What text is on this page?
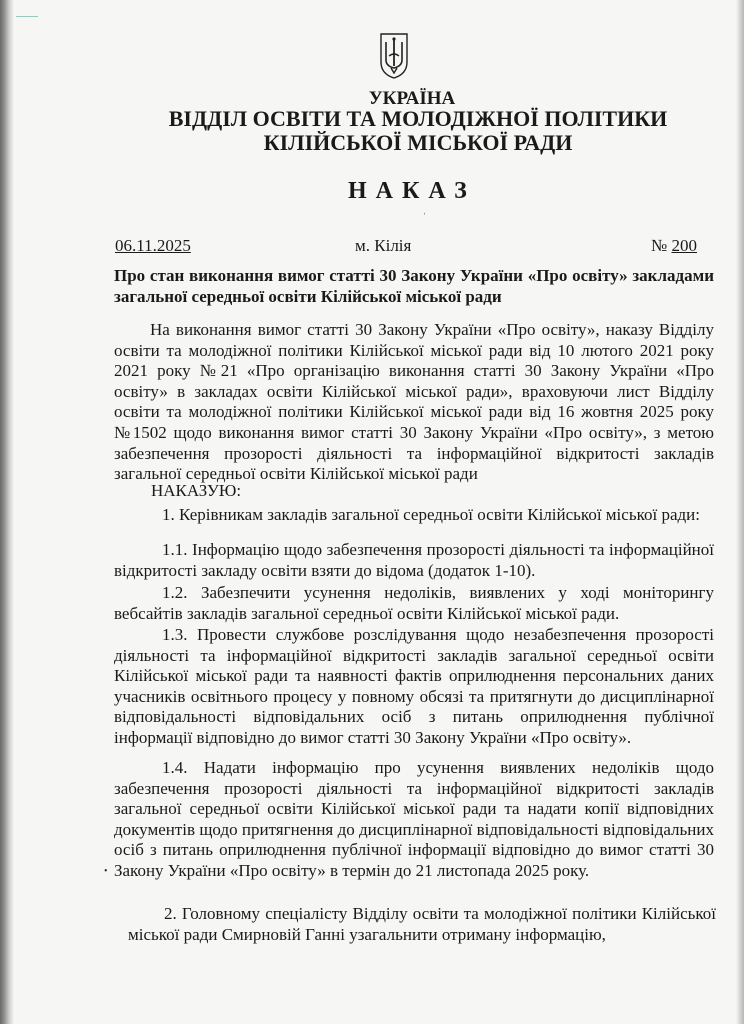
УКРАЇНА
ВІДДІЛ ОСВІТИ ТА МОЛОДІЖНОЇ ПОЛІТИКИ
КІЛІЙСЬКОЇ МІСЬКОЇ РАДИ
НАКАЗ
ˈ
06.11.2025	м. Кілія	№ 200
Про стан виконання вимог статті 30 Закону України «Про освіту» закладами загальної середньої освіти Кілійської міської ради
На виконання вимог статті 30 Закону України «Про освіту», наказу Відділу освіти та молодіжної політики Кілійської міської ради від 10 лютого 2021 року 2021 року №21 «Про організацію виконання статті 30 Закону України «Про освіту» в закладах освіти Кілійської міської ради», враховуючи лист Відділу освіти та молодіжної політики Кілійської міської ради від 16 жовтня 2025 року №1502 щодо виконання вимог статті 30 Закону України «Про освіту», з метою забезпечення прозорості діяльності та інформаційної відкритості закладів загальної середньої освіти Кілійської міської ради
НАКАЗУЮ:
1. Керівникам закладів загальної середньої освіти Кілійської міської ради:
1.1. Інформацію щодо забезпечення прозорості діяльності та інформаційної відкритості закладу освіти взяти до відома (додаток 1-10).
1.2. Забезпечити усунення недоліків, виявлених у ході моніторингу вебсайтів закладів загальної середньої освіти Кілійської міської ради.
1.3. Провести службове розслідування щодо незабезпечення прозорості діяльності та інформаційної відкритості закладів загальної середньої освіти Кілійської міської ради та наявності фактів оприлюднення персональних даних учасників освітнього процесу у повному обсязі та притягнути до дисциплінарної відповідальності відповідальних осіб з питань оприлюднення публічної інформації відповідно до вимог статті 30 Закону України «Про освіту».
1.4. Надати інформацію про усунення виявлених недоліків щодо забезпечення прозорості діяльності та інформаційної відкритості закладів загальної середньої освіти Кілійської міської ради та надати копії відповідних документів щодо притягнення до дисциплінарної відповідальності відповідальних осіб з питань оприлюднення публічної інформації відповідно до вимог статті 30 Закону України «Про освіту» в термін до 21 листопада 2025 року.
•
2. Головному спеціалісту Відділу освіти та молодіжної політики Кілійської міської ради Смирновій Ганні узагальнити отриману інформацію,
